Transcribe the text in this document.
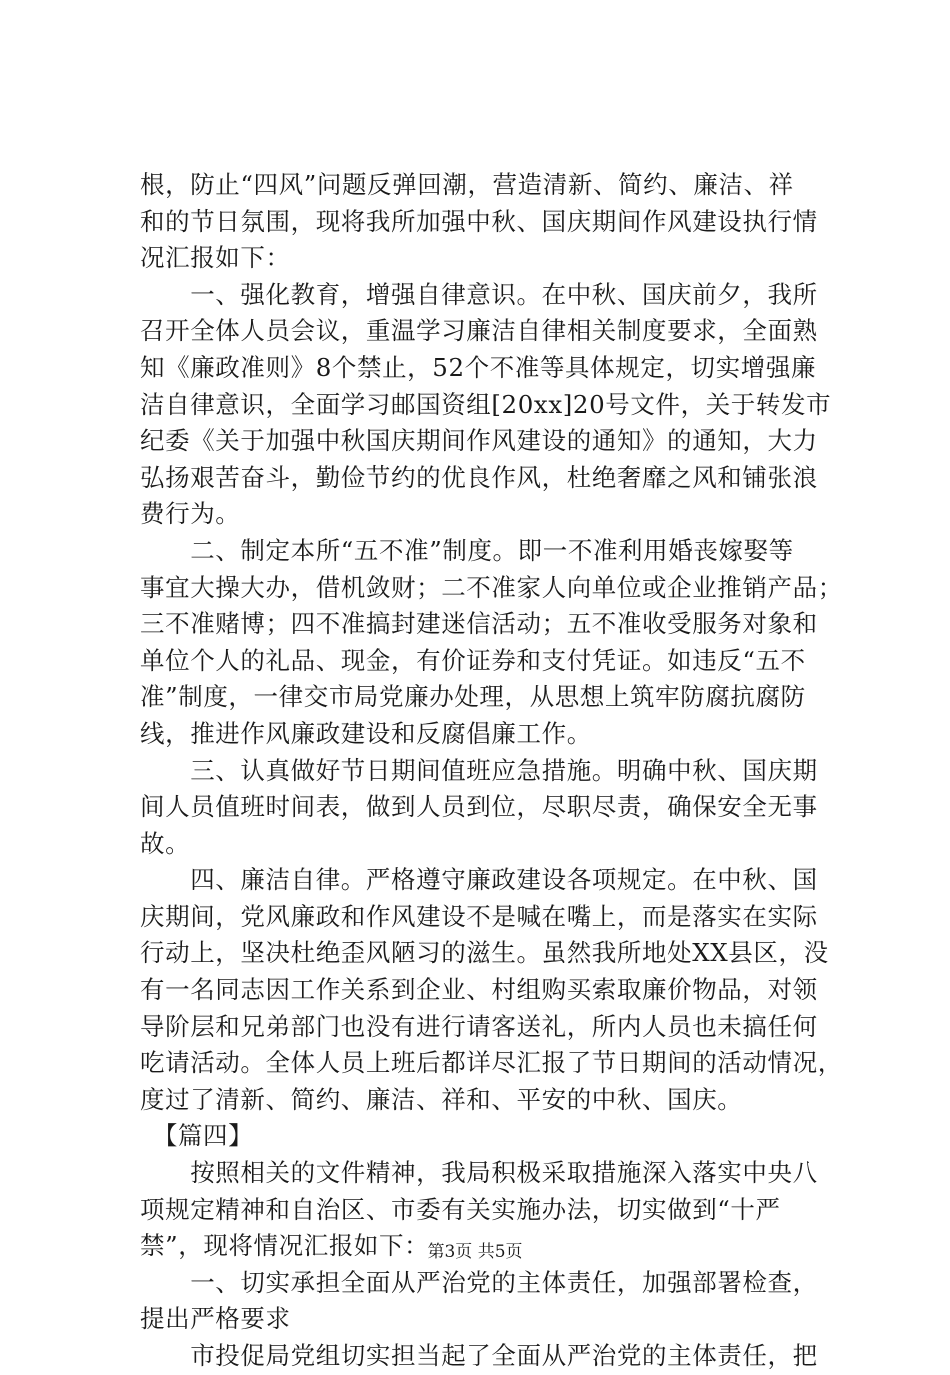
根，防止“四风”问题反弹回潮，营造清新、简约、廉洁、祥
和的节日氛围，现将我所加强中秋、国庆期间作风建设执行情
况汇报如下：
　　一、强化教育，增强自律意识。在中秋、国庆前夕，我所
召开全体人员会议，重温学习廉洁自律相关制度要求，全面熟
知《廉政准则》8个禁止，52个不准等具体规定，切实增强廉
洁自律意识，全面学习邮国资组[20xx]20号文件，关于转发市
纪委《关于加强中秋国庆期间作风建设的通知》的通知，大力
弘扬艰苦奋斗，勤俭节约的优良作风，杜绝奢靡之风和铺张浪
费行为。
　　二、制定本所“五不准”制度。即一不准利用婚丧嫁娶等
事宜大操大办，借机敛财；二不准家人向单位或企业推销产品；
三不准赌博；四不准搞封建迷信活动；五不准收受服务对象和
单位个人的礼品、现金，有价证券和支付凭证。如违反“五不
准”制度，一律交市局党廉办处理，从思想上筑牢防腐抗腐防
线，推进作风廉政建设和反腐倡廉工作。
　　三、认真做好节日期间值班应急措施。明确中秋、国庆期
间人员值班时间表，做到人员到位，尽职尽责，确保安全无事
故。
　　四、廉洁自律。严格遵守廉政建设各项规定。在中秋、国
庆期间，党风廉政和作风建设不是喊在嘴上，而是落实在实际
行动上，坚决杜绝歪风陋习的滋生。虽然我所地处XX县区，没
有一名同志因工作关系到企业、村组购买索取廉价物品，对领
导阶层和兄弟部门也没有进行请客送礼，所内人员也未搞任何
吃请活动。全体人员上班后都详尽汇报了节日期间的活动情况，
度过了清新、简约、廉洁、祥和、平安的中秋、国庆。
　【篇四】
　　按照相关的文件精神，我局积极采取措施深入落实中央八
项规定精神和自治区、市委有关实施办法，切实做到“十严
禁”，现将情况汇报如下：
　　一、切实承担全面从严治党的主体责任，加强部署检查，
提出严格要求
　　市投促局党组切实担当起了全面从严治党的主体责任，把
第3页 共5页
